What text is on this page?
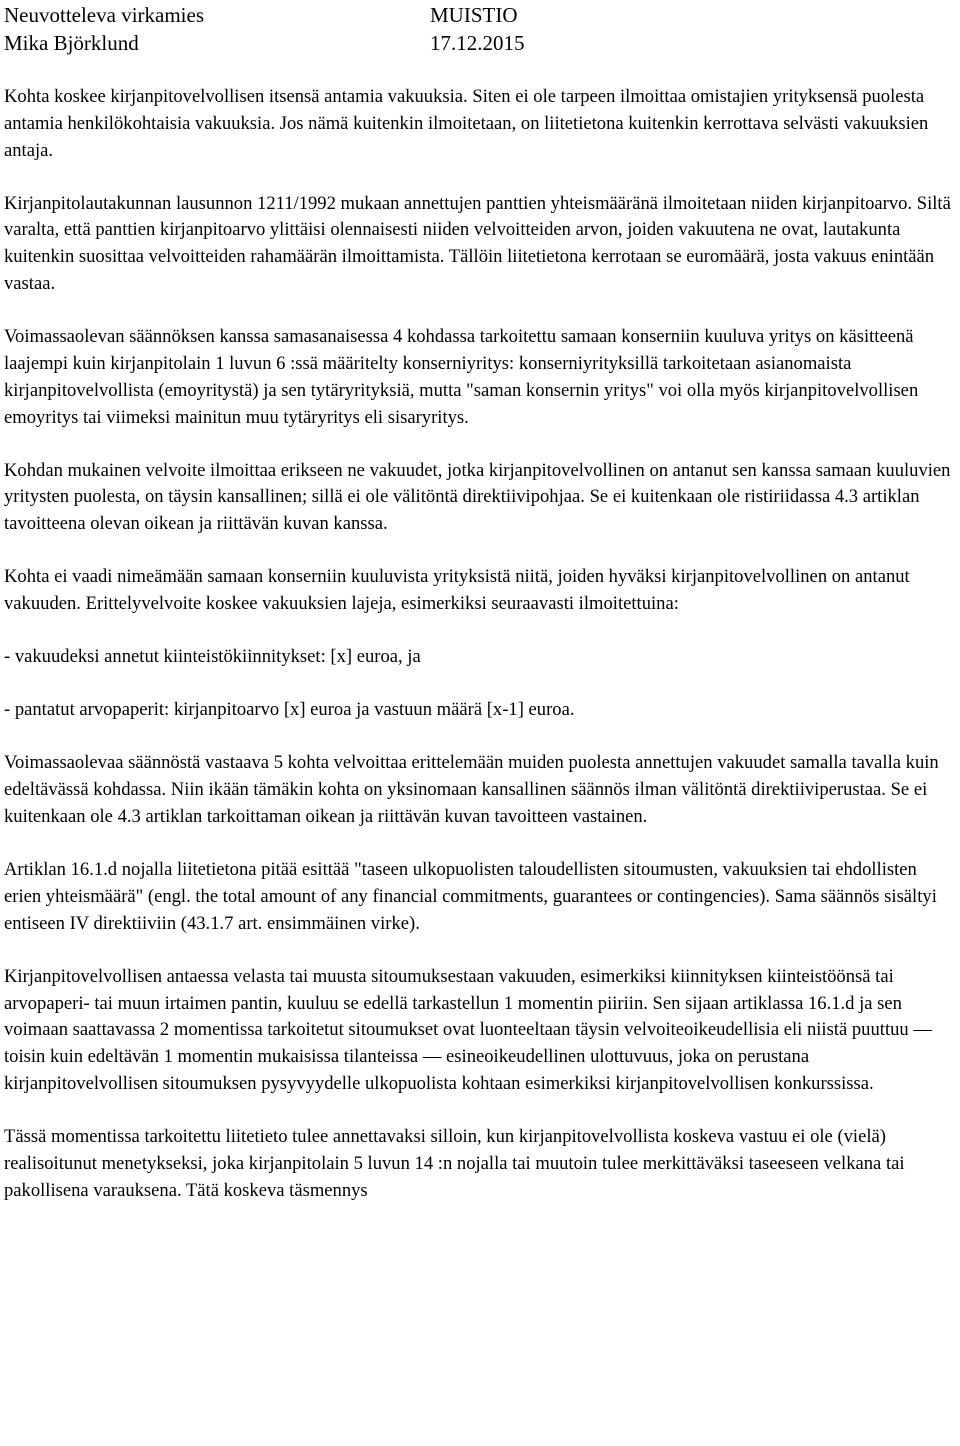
Neuvotteleva virkamies
Mika Björklund
MUISTIO
17.12.2015

Kohta koskee kirjanpitovelvollisen itsensä antamia vakuuksia. Siten ei ole tarpeen ilmoittaa omistajien yrityksensä puolesta antamia henkilökohtaisia vakuuksia. Jos nämä kuitenkin ilmoitetaan, on liitetietona kuitenkin kerrottava selvästi vakuuksien antaja.

Kirjanpitolautakunnan lausunnon 1211/1992 mukaan annettujen panttien yhteismääränä ilmoitetaan niiden kirjanpitoarvo. Siltä varalta, että panttien kirjanpitoarvo ylittäisi olennaisesti niiden velvoitteiden arvon, joiden vakuutena ne ovat, lautakunta kuitenkin suosittaa velvoitteiden rahamäärän ilmoittamista. Tällöin liitetietona kerrotaan se euromäärä, josta vakuus enintään vastaa.

Voimassaolevan säännöksen kanssa samasanaisessa 4 kohdassa tarkoitettu samaan konserniin kuuluva yritys on käsitteenä laajempi kuin kirjanpitolain 1 luvun 6 :ssä määritelty konserniyritys: konserniyrityksillä tarkoitetaan asianomaista kirjanpitovelvollista (emoyritystä) ja sen tytäryrityksiä, mutta "saman konsernin yritys" voi olla myös kirjanpitovelvollisen emoyritys tai viimeksi mainitun muu tytäryritys eli sisaryritys.

Kohdan mukainen velvoite ilmoittaa erikseen ne vakuudet, jotka kirjanpitovelvollinen on antanut sen kanssa samaan kuuluvien yritysten puolesta, on täysin kansallinen; sillä ei ole välitöntä direktiivipohjaa. Se ei kuitenkaan ole ristiriidassa 4.3 artiklan tavoitteena olevan oikean ja riittävän kuvan kanssa.

Kohta ei vaadi nimeämään samaan konserniin kuuluvista yrityksistä niitä, joiden hyväksi kirjanpitovelvollinen on antanut vakuuden. Erittelyvelvoite koskee vakuuksien lajeja, esimerkiksi seuraavasti ilmoitettuina:

- vakuudeksi annetut kiinteistökiinnitykset: [x] euroa, ja

- pantatut arvopaperit: kirjanpitoarvo [x] euroa ja vastuun määrä [x-1] euroa.

Voimassaolevaa säännöstä vastaava 5 kohta velvoittaa erittelemään muiden puolesta annettujen vakuudet samalla tavalla kuin edeltävässä kohdassa. Niin ikään tämäkin kohta on yksinomaan kansallinen säännös ilman välitöntä direktiiviperustaa. Se ei kuitenkaan ole 4.3 artiklan tarkoittaman oikean ja riittävän kuvan tavoitteen vastainen.

Artiklan 16.1.d nojalla liitetietona pitää esittää "taseen ulkopuolisten taloudellisten sitoumusten, vakuuksien tai ehdollisten erien yhteismäärä" (engl. the total amount of any financial commitments, guarantees or contingencies). Sama säännös sisältyi entiseen IV direktiiviin (43.1.7 art. ensimmäinen virke).

Kirjanpitovelvollisen antaessa velasta tai muusta sitoumuksestaan vakuuden, esimerkiksi kiinnityksen kiinteistöönsä tai arvopaperi- tai muun irtaimen pantin, kuuluu se edellä tarkastellun 1 momentin piiriin. Sen sijaan artiklassa 16.1.d ja sen voimaan saattavassa 2 momentissa tarkoitetut sitoumukset ovat luonteeltaan täysin velvoiteoikeudellisia eli niistä puuttuu — toisin kuin edeltävän 1 momentin mukaisissa tilanteissa — esineoikeudellinen ulottuvuus, joka on perustana kirjanpitovelvollisen sitoumuksen pysyvyydelle ulkopuolista kohtaan esimerkiksi kirjanpitovelvollisen konkurssissa.

Tässä momentissa tarkoitettu liitetieto tulee annettavaksi silloin, kun kirjanpitovelvollista koskeva vastuu ei ole (vielä) realisoitunut menetykseksi, joka kirjanpitolain 5 luvun 14 :n nojalla tai muutoin tulee merkittäväksi taseeseen velkana tai pakollisena varauksena. Tätä koskeva täsmennys
